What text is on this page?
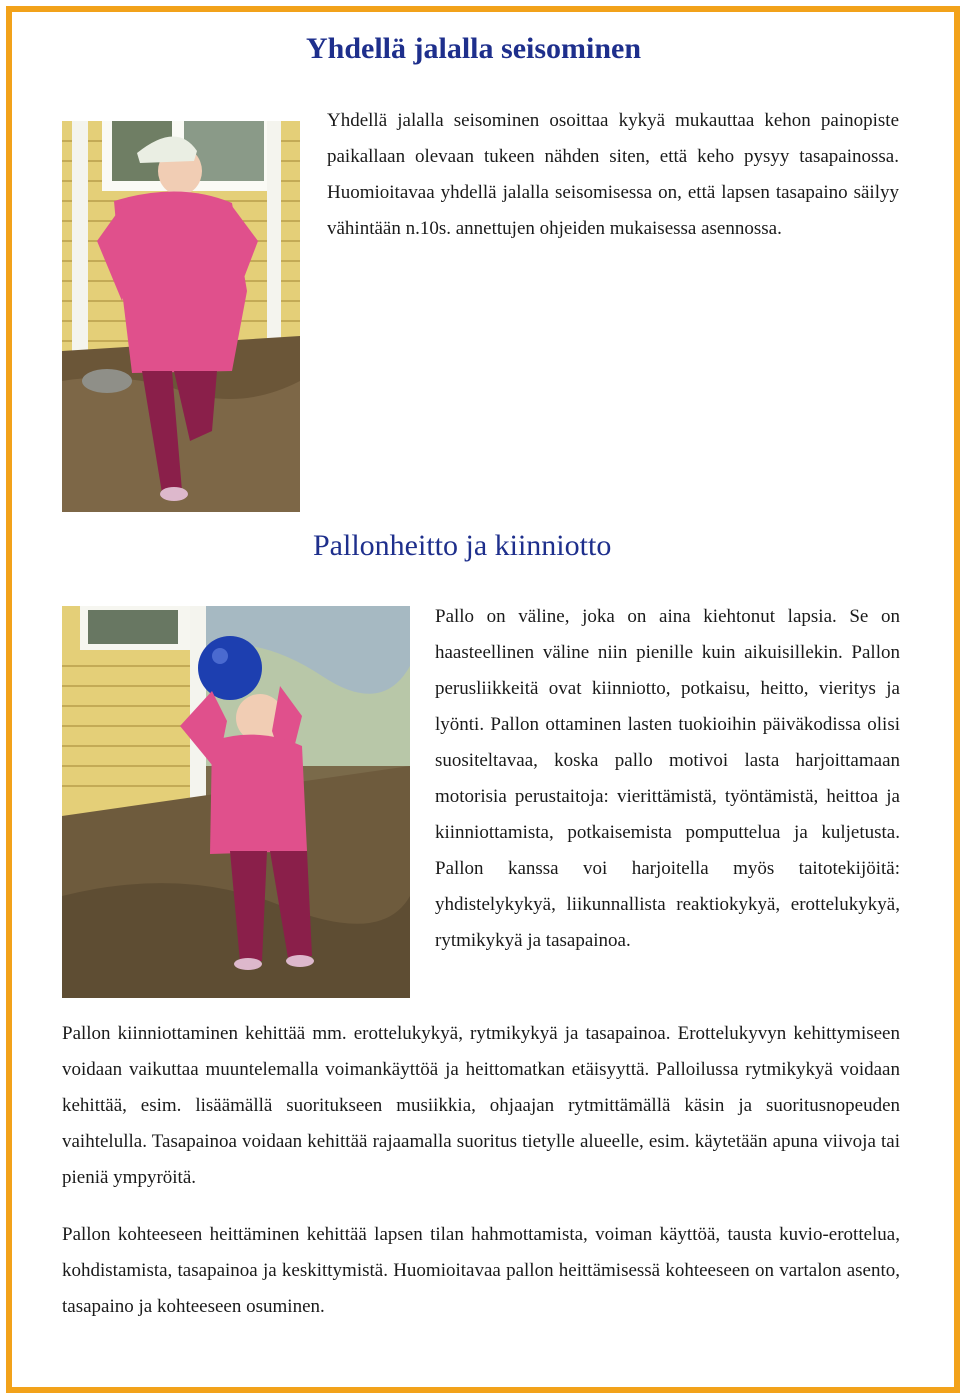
Yhdellä jalalla seisominen

Yhdellä jalalla seisominen osoittaa kykyä mukauttaa kehon painopiste paikallaan olevaan tukeen nähden siten, että keho pysyy tasapainossa. Huomioitavaa yhdellä jalalla seisomisessa on, että lapsen tasapaino säilyy vähintään n.10s. annettujen ohjeiden mukaisessa asennossa.

Pallonheitto ja kiinniotto

Pallo on väline, joka on aina kiehtonut lapsia. Se on haasteellinen väline niin pienille kuin aikuisillekin. Pallon perusliikkeitä ovat kiinniotto, potkaisu, heitto, vieritys ja lyönti. Pallon ottaminen lasten tuokioihin päiväkodissa olisi suositeltavaa, koska pallo motivoi lasta harjoittamaan motorisia perustaitoja: vierittämistä, työntämistä, heittoa ja kiinniottamista, potkaisemista pomputtelua ja kuljetusta. Pallon kanssa voi harjoitella myös taitotekijöitä: yhdistelykykyä, liikunnallista reaktiokykyä, erottelukykyä, rytmikykyä ja tasapainoa.

Pallon kiinniottaminen kehittää mm. erottelukykyä, rytmikykyä ja tasapainoa. Erottelukyvyn kehittymiseen voidaan vaikuttaa muuntelemalla voimankäyttöä ja heittomatkan etäisyyttä. Palloilussa rytmikykyä voidaan kehittää, esim. lisäämällä suoritukseen musiikkia, ohjaajan rytmittämällä käsin ja suoritusnopeuden vaihtelulla. Tasapainoa voidaan kehittää rajaamalla suoritus tietylle alueelle, esim. käytetään apuna viivoja tai pieniä ympyröitä.

Pallon kohteeseen heittäminen kehittää lapsen tilan hahmottamista, voiman käyttöä, tausta kuvio-erottelua, kohdistamista, tasapainoa ja keskittymistä. Huomioitavaa pallon heittämisessä kohteeseen on vartalon asento, tasapaino ja kohteeseen osuminen.
